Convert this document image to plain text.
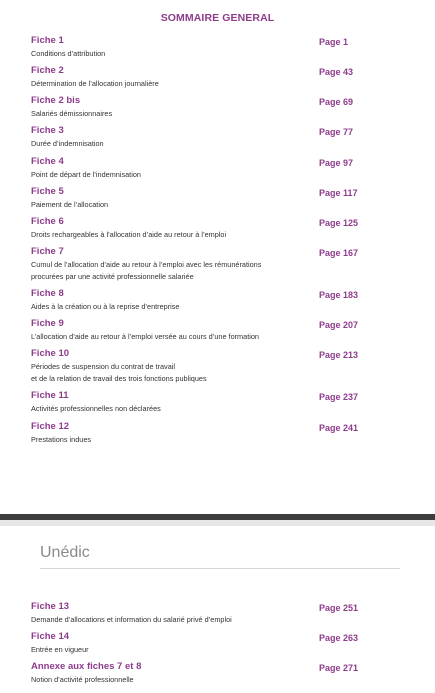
SOMMAIRE GENERAL
Fiche 1
Conditions d’attribution
Page 1
Fiche 2
Détermination de l’allocation journalière
Page 43
Fiche 2 bis
Salariés démissionnaires
Page 69
Fiche 3
Durée d’indemnisation
Page 77
Fiche 4
Point de départ de l’indemnisation
Page 97
Fiche 5
Paiement de l’allocation
Page 117
Fiche 6
Droits rechargeables à l’allocation d’aide au retour à l’emploi
Page 125
Fiche 7
Cumul de l’allocation d’aide au retour à l’emploi avec les rémunérations
procurées par une activité professionnelle salariée
Page 167
Fiche 8
Aides à la création ou à la reprise d’entreprise
Page 183
Fiche 9
L’allocation d’aide au retour à l’emploi versée au cours d’une formation
Page 207
Fiche 10
Périodes de suspension du contrat de travail
et de la relation de travail des trois fonctions publiques
Page 213
Fiche 11
Activités professionnelles non déclarées
Page 237
Fiche 12
Prestations indues
Page 241
Fiche 13
Demande d’allocations et information du salarié privé d’emploi
Page 251
Fiche 14
Entrée en vigueur
Page 263
Annexe aux fiches 7 et 8
Notion d’activité professionnelle
Page 271
Unédic
